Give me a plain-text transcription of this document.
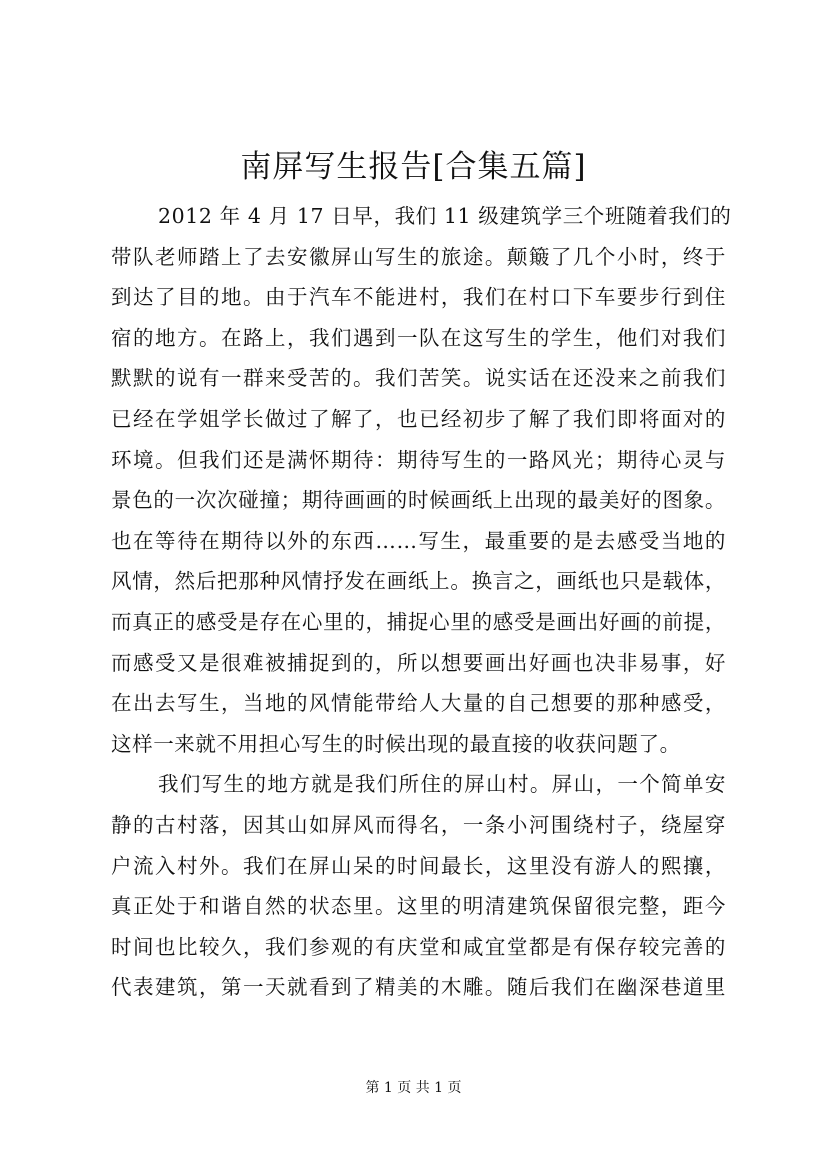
南屏写生报告[合集五篇]
2012 年 4 月 17 日早，我们 11 级建筑学三个班随着我们的
带队老师踏上了去安徽屏山写生的旅途。颠簸了几个小时，终于
到达了目的地。由于汽车不能进村，我们在村口下车要步行到住
宿的地方。在路上，我们遇到一队在这写生的学生，他们对我们
默默的说有一群来受苦的。我们苦笑。说实话在还没来之前我们
已经在学姐学长做过了解了，也已经初步了解了我们即将面对的
环境。但我们还是满怀期待：期待写生的一路风光；期待心灵与
景色的一次次碰撞；期待画画的时候画纸上出现的最美好的图象。
也在等待在期待以外的东西……写生，最重要的是去感受当地的
风情，然后把那种风情抒发在画纸上。换言之，画纸也只是载体，
而真正的感受是存在心里的，捕捉心里的感受是画出好画的前提，
而感受又是很难被捕捉到的，所以想要画出好画也决非易事，好
在出去写生，当地的风情能带给人大量的自己想要的那种感受，
这样一来就不用担心写生的时候出现的最直接的收获问题了。
我们写生的地方就是我们所住的屏山村。屏山，一个简单安
静的古村落，因其山如屏风而得名，一条小河围绕村子，绕屋穿
户流入村外。我们在屏山呆的时间最长，这里没有游人的熙攘，
真正处于和谐自然的状态里。这里的明清建筑保留很完整，距今
时间也比较久，我们参观的有庆堂和咸宜堂都是有保存较完善的
代表建筑，第一天就看到了精美的木雕。随后我们在幽深巷道里
第 1 页 共 1 页
